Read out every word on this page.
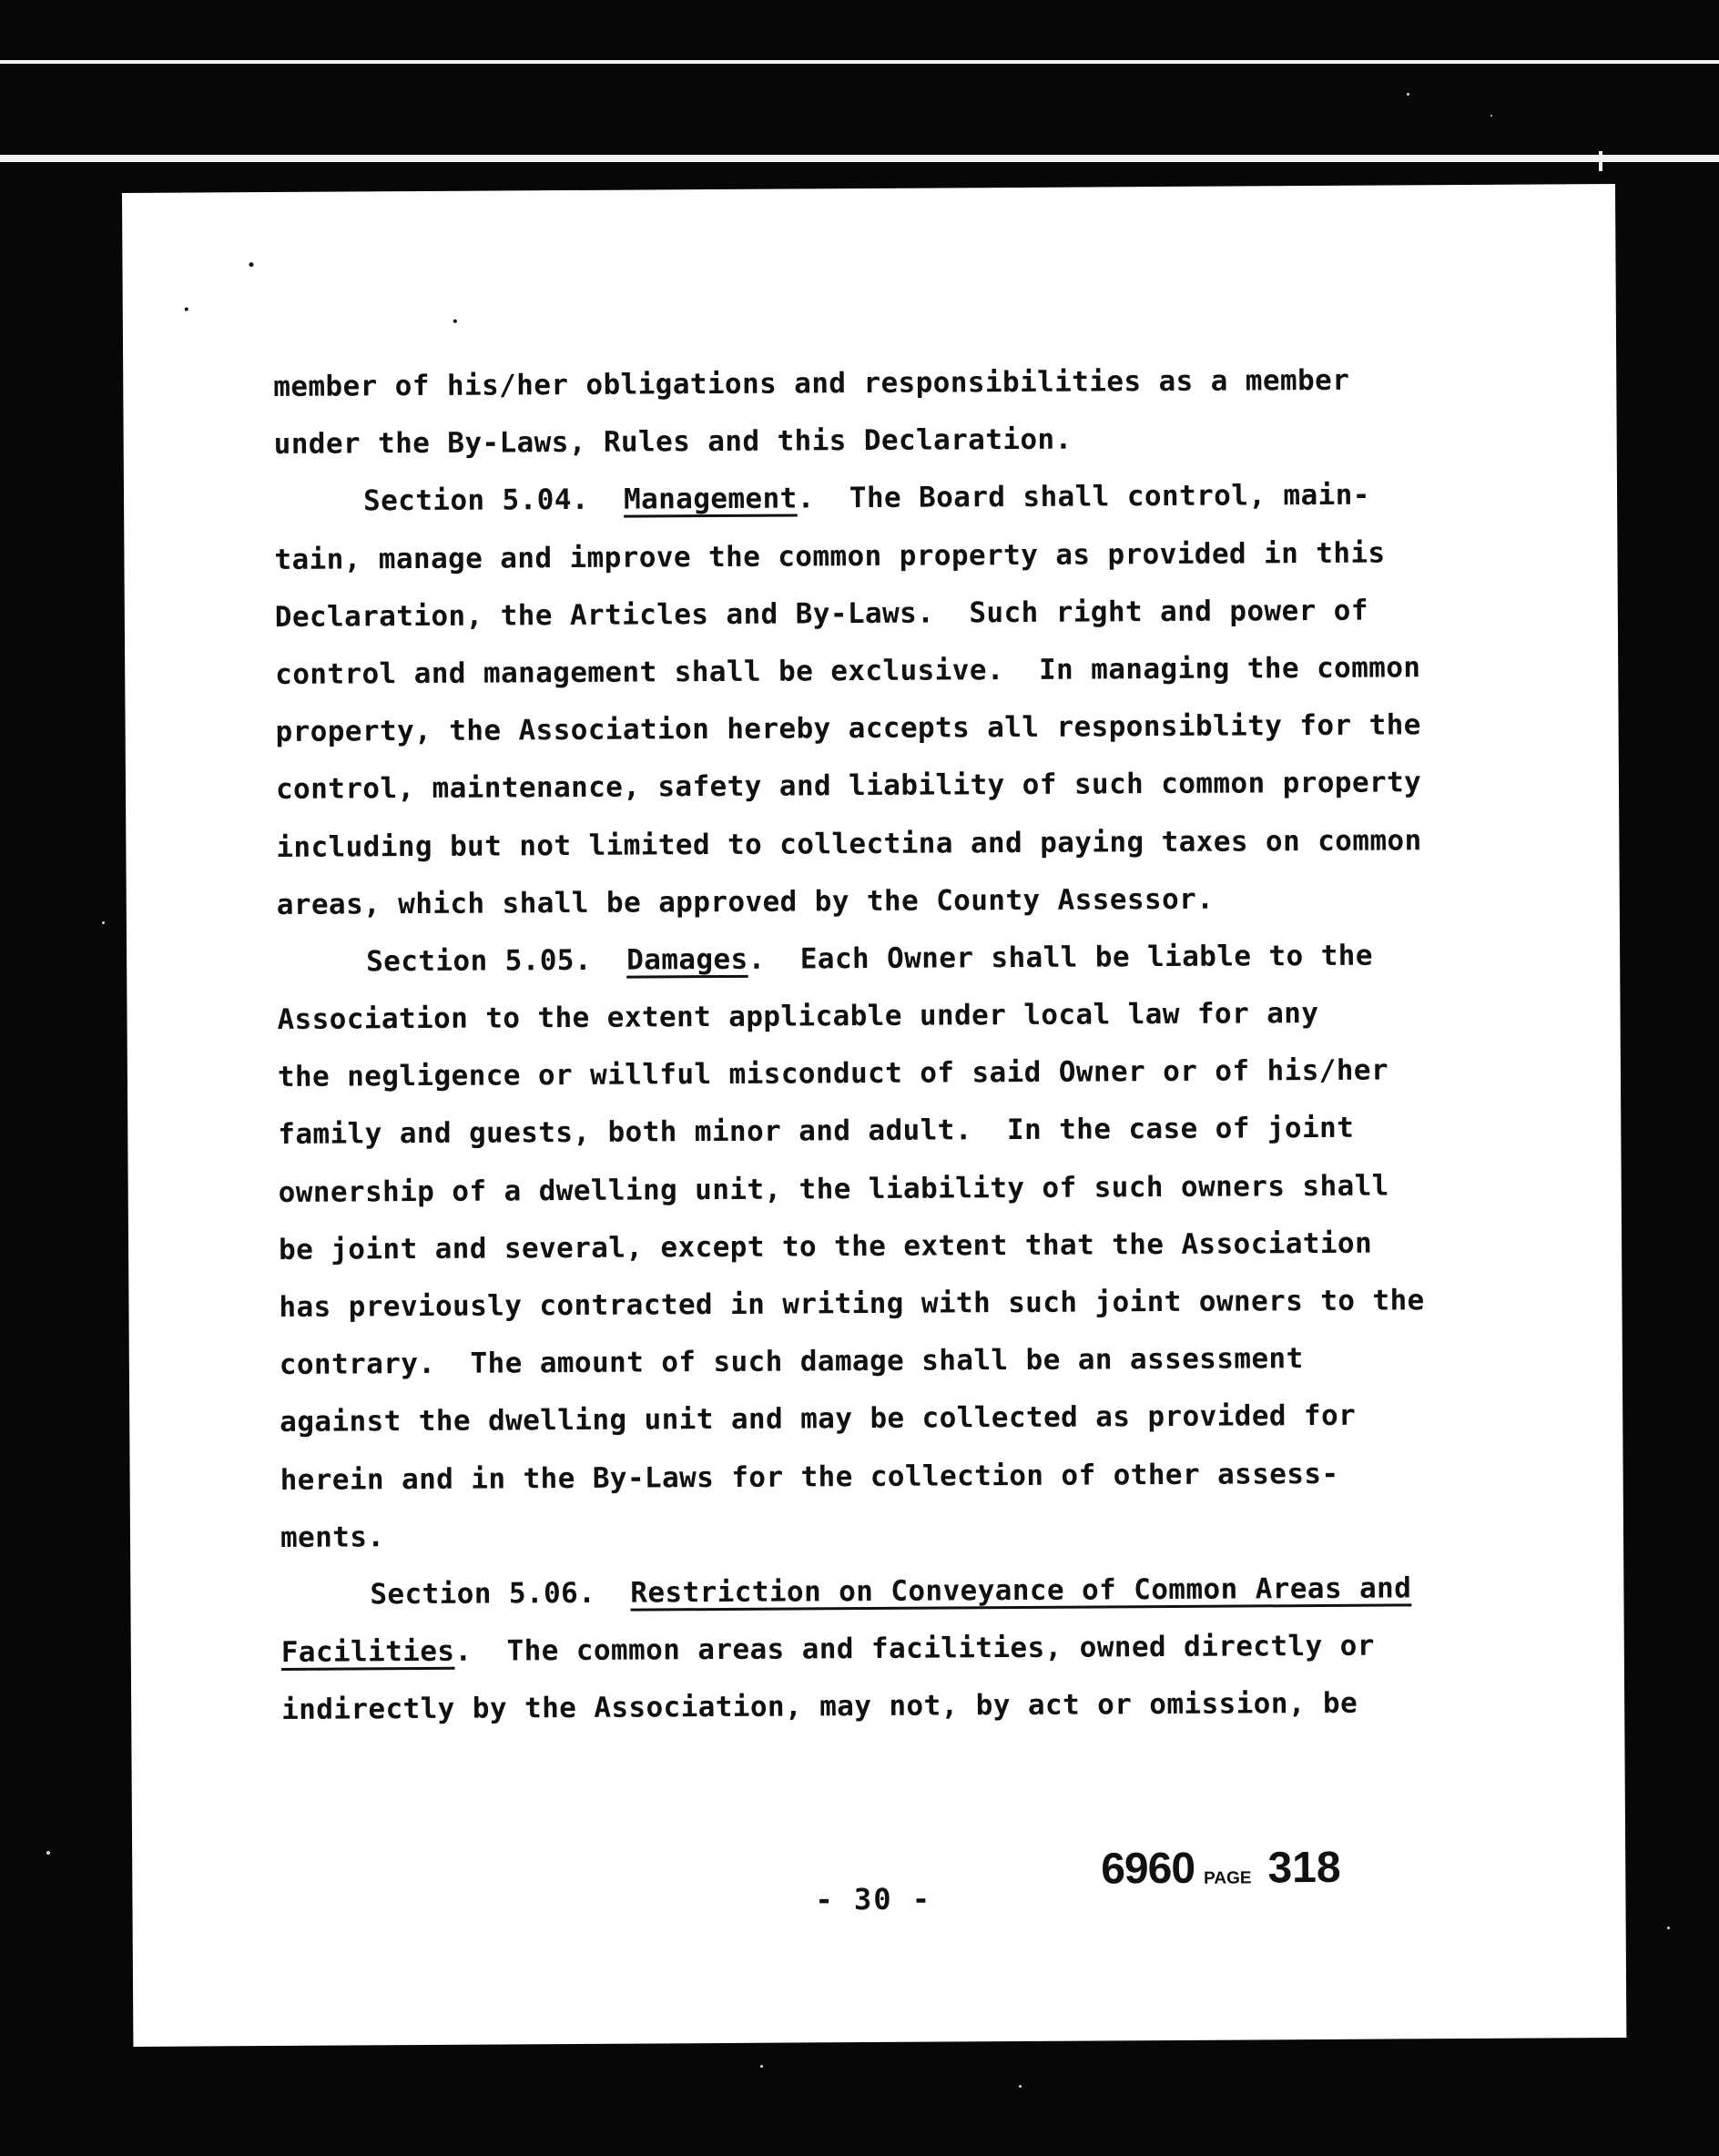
member of his/her obligations and responsibilities as a member
under the By-Laws, Rules and this Declaration.
Section 5.04.  Management.  The Board shall control, main-
tain, manage and improve the common property as provided in this
Declaration, the Articles and By-Laws.  Such right and power of
control and management shall be exclusive.  In managing the common
property, the Association hereby accepts all responsiblity for the
control, maintenance, safety and liability of such common property
including but not limited to collectina and paying taxes on common
areas, which shall be approved by the County Assessor.
Section 5.05.  Damages.  Each Owner shall be liable to the
Association to the extent applicable under local law for any
the negligence or willful misconduct of said Owner or of his/her
family and guests, both minor and adult.  In the case of joint
ownership of a dwelling unit, the liability of such owners shall
be joint and several, except to the extent that the Association
has previously contracted in writing with such joint owners to the
contrary.  The amount of such damage shall be an assessment
against the dwelling unit and may be collected as provided for
herein and in the By-Laws for the collection of other assess-
ments.
Section 5.06.  Restriction on Conveyance of Common Areas and
Facilities.  The common areas and facilities, owned directly or
indirectly by the Association, may not, by act or omission, be
- 30 -
6960 PAGE 318
